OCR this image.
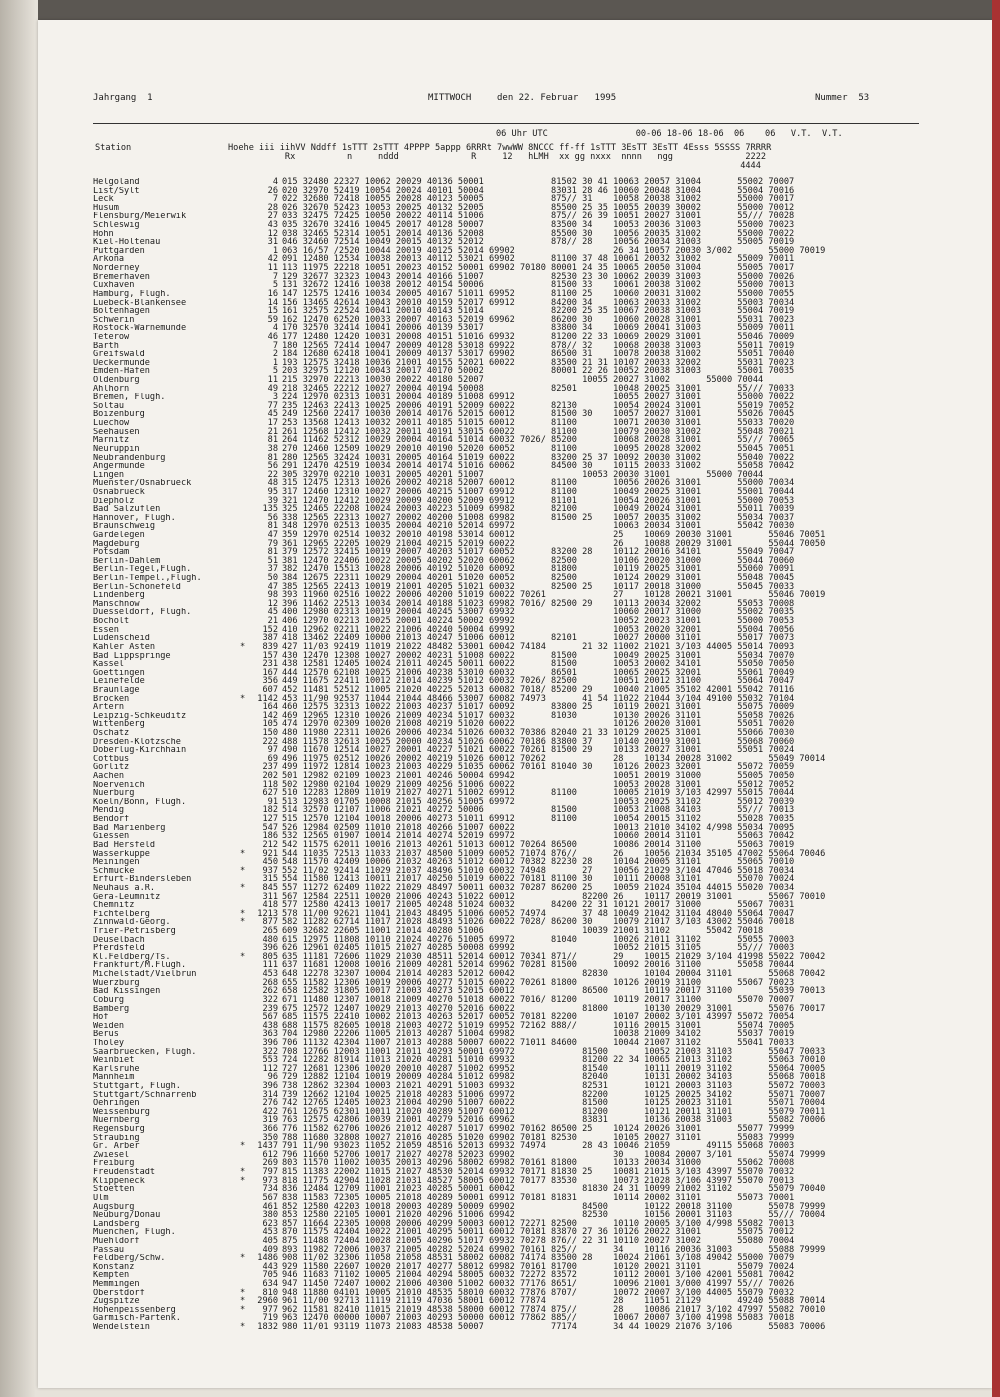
Jahrgang  1	MITTWOCH	den 22. Februar   1995	Nummer  53
06 Uhr UTC                 00-06 18-06 18-06  06    06   V.T.  V.T.
Station	Hoehe iii iihVV Nddff 1sTTT 2sTTT 4PPPP 5appp 6RRRt 7wwWW 8NCCC ff-ff 1sTTT 3EsTT 3EsTT 4Esss 5SSSS 7RRRR
Rx          n     nddd              R     12   hLMH  xx gg nxxx  nnnn   ngg              2222
4444
Helgoland	4 015 32480 22327 10062 20029 40136 50001             81502 30 41 10063 20057 31004       55002 70007
List/Sylt	26 020 32970 52419 10054 20024 40101 50004             83031 28 46 10060 20048 31004       55004 70016
Leck	7 022 32680 72418 10055 20028 40123 50005             875// 31    10058 20038 31002       55000 70017
Husum	28 026 32670 52423 10053 20025 40132 52005             85500 25 35 10055 20039 30002       55000 70012
Flensburg/Meierwik	27 033 32475 72425 10050 20022 40114 51006             875// 26 39 10051 20027 31001       55/// 70028
Schleswig	43 035 32670 32416 10045 20017 40128 50007             83500 34    10053 20036 31003       55000 70023
Hohn	12 038 32465 52314 10051 20014 40136 52008             85500 30    10056 20035 31002       55000 70022
Kiel-Holtenau	31 046 32460 72514 10049 20015 40132 52012             878// 28    10056 20034 31003       55005 70019
Puttgarden	1 063 16/57 /2520 10044 20019 40125 52014 69902                   26 34 10057 20030 3/002       55000 70019
Arkona	42 091 12480 12534 10038 20013 40112 53021 69902       81100 37 48 10061 20032 31002       55009 70011
Norderney	11 113 11975 22218 10051 20023 40152 50001 69902 70180 80001 24 35 10065 20050 31004       55005 70017
Bremerhaven	7 129 32677 32323 10043 20014 40166 51007             82530 23 30 10062 20039 31003       55000 70026
Cuxhaven	5 131 32672 12416 10038 20012 40154 50006             81500 33    10061 20038 31002       55000 70013
Hamburg, Flugh.	16 147 12575 12416 10034 20005 40167 51011 69952       81100 25    10060 20031 31002       55000 70055
Luebeck-Blankensee	14 156 13465 42614 10043 20010 40159 52017 69912       84200 34    10063 20033 31002       55003 70034
Boltenhagen	15 161 32575 22524 10041 20010 40143 51014             82200 25 35 10067 20038 31003       55004 70019
Schwerin	59 162 12470 62520 10033 20007 40163 52019 69962       86200 30    10060 20028 31001       55031 70023
Rostock-Warnemünde	4 170 32570 32414 10041 20006 40139 53017             83800 34    10069 20041 31003       55009 70011
Teterow	46 177 12480 12420 10031 20008 40151 51016 69932       81200 22 33 10069 20029 31001       55046 70009
Barth	7 180 12565 72414 10047 20009 40128 53018 69922       878// 32    10068 20038 31003       55011 70019
Greifswald	2 184 12680 62418 10041 20009 40137 53017 69902       86500 31    10078 20038 31002       55051 70040
Ueckermünde	1 193 12575 32418 10036 21001 40155 52021 60022       83500 21 31 10107 20033 32002       55031 70023
Emden-Hafen	5 203 32975 12120 10043 20017 40170 50002             80001 22 26 10052 20038 31003       55001 70035
Oldenburg	11 215 32970 22213 10030 20022 40180 52007                   10055 20027 31002       55000 70044
Ahlhorn	49 218 32465 22212 10027 20004 40194 50008             82501       10048 20025 31001       55/// 70033
Bremen, Flugh.	3 224 12970 02313 10031 20004 40189 51008 69912                   10055 20027 31001       55000 70022
Soltau	77 235 12463 22413 10025 20006 40191 52009 60022       82130       10054 20024 31001       55019 70052
Boizenburg	45 249 12560 22417 10030 20014 40176 52015 60012       81500 30    10057 20027 31001       55026 70045
Luechow	17 253 13568 12413 10032 20011 40185 51015 60012       81100       10071 20030 31001       55033 70020
Seehausen	21 261 12568 12412 10032 20011 40191 53015 60022       81100       10079 20030 31002       55048 70021
Marnitz	81 264 11462 52312 10029 20004 40164 51014 60032 7026/ 85200       10068 20028 31001       55/// 70065
Neuruppin	38 270 12460 12509 10029 20010 40190 52020 60052       81100       10095 20028 32002       55045 70051
Neubrandenburg	81 280 12565 32424 10031 20005 40164 51019 60022       83200 25 37 10092 20030 31002       55040 70022
Angermünde	56 291 12470 42519 10034 20014 40174 51016 60062       84500 30    10115 20033 31002       55058 70042
Lingen	22 305 32970 02210 10031 20005 40201 51007                   10053 20030 31001       55000 70044
Muenster/Osnabrueck	48 315 12475 12313 10026 20002 40218 52007 60012       81100       10056 20026 31001       55000 70034
Osnabrueck	95 317 12460 12310 10027 20006 40215 51007 69912       81100       10049 20025 31001       55001 70044
Diepholz	39 321 12470 12412 10029 20009 40200 52009 69912       81101       10054 20026 31001       55000 70053
Bad Salzuflen	135 325 12465 22208 10024 20003 40223 51009 69982       82100       10049 20024 31001       55011 70039
Hannover, Flugh.	56 338 12565 22313 10027 20002 40200 51008 69982       81500 25    10057 20035 31002       55034 70037
Braunschweig	81 348 12970 02513 10035 20004 40210 52014 69972                   10063 20034 31001       55042 70030
Gardelegen	47 359 12970 02514 10032 20010 40198 53014 60012                   25    10069 20030 31001       55046 70051
Magdeburg	79 361 12965 22205 10029 21004 40215 52019 60022                   26    10088 20029 31001       55044 70050
Potsdam	81 379 12572 32415 10019 20007 40203 51017 60052       83200 28    10112 20016 34101       55049 70047
Berlin-Dahlem	51 381 12470 22406 10022 20005 40202 52020 60062       82500       10106 20020 31000       55044 70060
Berlin-Tegel,Flugh.	37 382 12470 15513 10028 20006 40192 51020 60092       81800       10119 20025 31001       55060 70091
Berlin-Tempel.,Flugh.	50 384 12675 22311 10029 20004 40201 51020 60052       82500       10124 20029 31001       55048 70045
Berlin-Schönefeld	47 385 12565 22413 10019 21001 40205 51021 60032       82500 25    10117 20018 31000       55045 70033
Lindenberg	98 393 11960 02516 10022 20006 40200 51019 60022 70261             27    10128 20021 31001       55046 70019
Manschnow	12 396 11462 22513 10034 20014 40188 51023 69982 7016/ 82500 29    10113 20034 32002       55053 70008
Duesseldorf, Flugh.	45 400 12980 02313 10019 20004 40245 53007 69932                   10060 20017 31000       55002 70035
Bocholt	21 406 12970 02213 10025 20001 40224 50002 69992                   10052 20023 31001       55000 70053
Essen	152 410 12962 02211 10022 21006 40240 50004 69992                   10053 20020 32001       55004 70056
Lüdenscheid	387 418 13462 22409 10000 21013 40247 51006 60012       82101       10027 20000 31101       55017 70073
Kahler Asten	*	839 427 11/03 92419 11019 21022 48482 53001 60042 74184       21 32 11002 21021 3/103 44005 55014 70093
Bad Lippspringe	157 430 12470 12308 10027 20002 40231 51008 60022       81500       10049 20025 31001       55034 70070
Kassel	231 438 12581 12405 10024 21011 40245 50011 60022       81500       10053 20002 34101       55050 70050
Goettingen	167 444 12570 62108 10025 21006 40238 53010 60032       86501       10065 20025 32001       55061 70049
Leinefelde	356 449 11675 22411 10012 21014 40239 51012 60032 7026/ 82500       10051 20012 31100       55064 70047
Braunlage	607 452 11481 52512 11005 21020 40225 52013 60082 7018/ 85200 29    10040 21005 35102 42001 55042 70116
Brocken	*	1142 453 11/90 92537 11044 21044 48466 53007 60082 74973       41 54 11022 21044 3/104 49100 55032 70104
Artern	164 460 12575 32313 10022 21003 40237 51017 60092       83800 25    10119 20021 31001       55075 70009
Leipzig-Schkeuditz	142 469 12965 12310 10026 21009 40234 51017 60032       81030       10130 20026 31101       55058 70026
Wittenberg	105 474 12970 02309 10020 21008 40219 51020 60022                   10126 20020 31001       55051 70020
Oschatz	150 480 11980 22311 10026 20006 40234 51026 60032 70386 82040 21 33 10129 20025 31001       55066 70030
Dresden-Klotzsche	222 488 11578 32613 10025 20000 40234 51026 60062 70186 83800 37    10140 20019 31001       55068 70060
Doberlug-Kirchhain	97 490 11670 12514 10027 20001 40227 51021 60022 70261 81500 29    10133 20027 31001       55051 70024
Cottbus	69 496 11975 02512 10026 20002 40219 51026 60012 70262             28    10134 20028 31002       55049 70014
Görlitz	237 499 11972 12814 10023 21003 40229 51035 60062 70161 81040 30    10126 20023 32001       55072 70059
Aachen	202 501 12982 02109 10023 21001 40246 50004 69942                   10051 20019 31000       55005 70050
Noervenich	118 502 12980 02104 10029 21009 40256 51006 60022                   10053 20028 31001       55012 70052
Nuerburg	627 510 12283 12809 11019 21027 40271 51002 69912       81100       10005 21019 3/103 42997 55015 70044
Koeln/Bonn, Flugh.	91 513 12983 01705 10008 21015 40256 51005 69972                   10053 20025 31102       55012 70039
Mendig	182 514 32570 12107 11006 21021 40272 50006             81500       10053 21008 34103       55/// 70013
Bendorf	127 515 12570 12104 10018 20006 40273 51011 69912       81100       10054 20015 31102       55028 70035
Bad Marienberg	547 526 12984 02509 11010 21018 40266 51007 60022                   10013 21010 34102 4/998 55034 70095
Giessen	186 532 12565 01907 10014 21014 40274 52019 69972                   10060 20014 31101       55063 70042
Bad Hersfeld	212 542 11575 62011 10016 21013 40261 51013 60012 70264 86500       10086 20014 31100       55063 70019
Wasserkuppe	*	921 544 11035 72513 11033 21037 48500 51009 60052 71074 876//       26    10056 21034 35105 47002 55064 70046
Meiningen	450 548 11570 42409 10006 21032 40263 51012 60012 70382 82230 28    10104 20005 31101       55065 70010
Schmücke	*	937 552 11/02 92414 11029 21037 48496 51010 60032 74948       27    10056 21029 3/104 47046 55018 70034
Erfurt-Bindersleben	315 554 11580 12413 10011 21017 40250 51019 60022 70181 81100 30    10111 20008 31101       55070 70024
Neuhaus a.R.	*	845 557 11272 62409 11022 21029 48497 50011 60032 70287 86200 25    10059 21024 35104 44015 55020 70034
Gera-Leumnitz	311 567 12584 22511 10020 21006 40243 51022 60012             82200 26    10117 20019 31001       55067 70010
Chemnitz	418 577 12580 42413 10017 21005 40248 51024 60032       84200 22 31 10121 20017 31000       55067 70031
Fichtelberg	*	1213 578 11/00 92621 11041 21043 48495 51006 60052 74974       37 48 10049 21042 31104 48040 55064 70047
Zinnwald-Georg.	*	877 582 11282 62714 11017 21028 48493 51026 60022 7028/ 86200 30    10079 21017 3/103 43002 55046 70018
Trier-Petrisberg	265 609 32682 22605 11001 21014 40280 51006                   10039 21001 31102       55042 70018
Deuselbach	480 615 12975 11808 10110 21024 40276 51005 69972       81040       10026 21011 31102       55055 70003
Pferdsfeld	396 626 12961 02405 11015 21027 40285 50008 69992                   10052 21015 31105       55/// 70003
Kl.Feldberg/Ts.	*	805 635 11181 72606 11029 21030 48511 52014 60012 70341 871//       29    10015 21029 3/104 41998 55022 70042
Frankfurt/M.Flugh.	111 637 11681 12008 10016 21009 40281 52014 69962 70281 81500       10092 20016 31100       55058 70044
Michelstadt/Vielbrun	453 648 12278 32307 10004 21014 40283 52012 60042             82830       10104 20004 31101       55068 70042
Wuerzburg	268 655 11582 12306 10019 20006 40277 51015 60022 70261 81800       10126 20019 31100       55067 70023
Bad Kissingen	262 658 12582 31805 10017 21003 40273 52015 60012             86500       10119 20017 31100       55039 70013
Coburg	322 671 11480 12307 10018 21009 40270 51018 60022 7016/ 81200       10119 20017 31100       55070 70007
Bamberg	239 675 12572 12407 10029 21013 40270 52016 60022             81800       10130 20029 31001       55076 70017
Hof	567 685 11575 22410 10002 21013 40263 52017 60052 70181 82200       10107 20002 3/101 43997 55072 70054
Weiden	438 688 11575 82605 10018 21003 40272 51019 69952 72162 888//       10116 20015 31001       55074 70005
Berus	363 704 12980 22206 11005 21013 40287 51004 69982                   10038 21009 34102       55037 70019
Tholey	396 706 11132 42304 11007 21013 40288 50007 60022 71011 84600       10044 21007 31102       55041 70033
Saarbruecken, Flugh.	322 708 12766 12003 11001 21011 40293 50001 69972             81500       10052 21003 31103       55047 70033
Weinbiet	553 724 12282 81914 11013 21020 40281 51010 69932             81200 22 34 10065 21013 31102       55063 70010
Karlsruhe	112 727 12681 12306 10020 20010 40287 51002 69952             81540       10111 20019 31102       55064 70005
Mannheim	96 729 12882 12104 10019 20009 40284 51012 69982             82040       10131 20002 34103       55068 70018
Stuttgart, Flugh.	396 738 12862 32304 10003 21021 40291 51003 69932             82531       10121 20003 31103       55072 70003
Stuttgart/Schnarrenb	314 739 12662 12104 10025 21018 40283 51006 69972             82200       10125 20025 34102       55071 70007
Oehringen	276 742 12765 12405 10023 21004 40290 51007 60022             81500       10125 20023 31101       55071 70004
Weissenburg	422 761 12675 62301 10011 21020 40289 51007 60012             81200       10121 20011 31101       55079 70011
Nuernberg	319 763 12575 42806 10039 21001 40279 52016 69962             83831       10136 20038 31003       55082 70006
Regensburg	366 776 11582 62706 10026 21012 40287 51017 69902 70162 86500 25    10124 20026 31001       55077 79999
Straubing	350 788 11680 32808 10027 21016 40285 51020 69902 70181 82530       10105 20027 31101       55083 79999
Gr. Arber	*	1437 791 11/90 93023 11052 21059 48516 52013 69932 74974       28 43 10046 21059       49115 55068 70003
Zwiesel	612 796 11660 52706 10017 21027 40278 52023 69902                   30    10084 20007 3/101       55074 79999
Freiburg	269 803 11570 11002 10035 20013 40296 58002 69982 70161 81800       10133 20034 31000       55062 70008
Freudenstadt	*	797 815 11383 22002 11015 21027 48530 52014 69932 70171 81830 25    10081 21015 3/103 43997 55070 70032
Klippeneck	*	973 818 11775 42904 11028 21031 48527 58005 60012 70177 83530       10073 21028 3/106 43997 55070 70013
Stoetten	734 836 12484 12709 11001 21023 40285 50001 60042             81830 24 31 10099 21002 31102       55079 70040
Ulm	567 838 11583 72305 10005 21018 40289 50001 69912 70181 81831       10114 20002 31101       55073 70001
Augsburg	461 852 12580 42203 10018 20003 40289 50009 69902             84500       10122 20018 31100       55078 79999
Neuburg/Donau	380 853 12580 22105 10001 21020 40296 51006 69942             82530       10156 20001 31103       55/// 70004
Landsberg	623 857 11664 22305 10008 20006 40299 50003 60012 72271 82500       10110 20005 3/100 4/998 55082 70013
Muenchen, Flugh.	453 870 11575 42404 10022 21001 40295 50011 60012 70181 83870 27 36 10126 20022 31001       55075 70012
Muehldorf	405 875 11488 72404 10028 21005 40296 51017 69932 70278 876// 22 31 10110 20027 31002       55080 70004
Passau	409 893 11982 72006 10037 21005 40282 52024 69902 70161 825//       34    10116 20036 31003       55088 79999
Feldberg/Schw.	*	1486 908 11/02 32306 11058 21058 48531 58002 60082 74174 83500 28    10024 21061 3/108 49042 55000 70079
Konstanz	443 929 11580 22607 10020 21017 40277 58012 69982 70161 81700       10120 20021 31101       55079 70024
Kempten	705 946 11683 71102 10005 21004 40294 58005 60032 72272 83572       10112 20001 3/100 42001 55081 70042
Memmingen	634 947 11450 72407 10002 21006 40300 51002 60032 77176 8651/       10096 21001 3/000 41997 55/// 70026
Oberstdorf	*	810 948 11880 04101 10005 21010 48535 58010 60032 77876 8707/       10072 20007 3/100 44005 55079 70032
Zugspitze	*	2960 961 11/00 92713 11119 21119 47036 58001 60012 77874             28    11051 21129       49240 55088 70014
Hohenpeissenberg	*	977 962 11581 82410 11015 21019 48538 58000 60012 77874 875//       28    10086 21017 3/102 47997 55082 70010
Garmisch-Partenk.	719 963 12470 00000 10007 21003 40293 50000 60012 77862 885//       10067 20007 3/100 41998 55083 70018
Wendelstein	*	1832 980 11/01 93119 11073 21083 48538 50007             77174       34 44 10029 21076 3/106       55083 70006
